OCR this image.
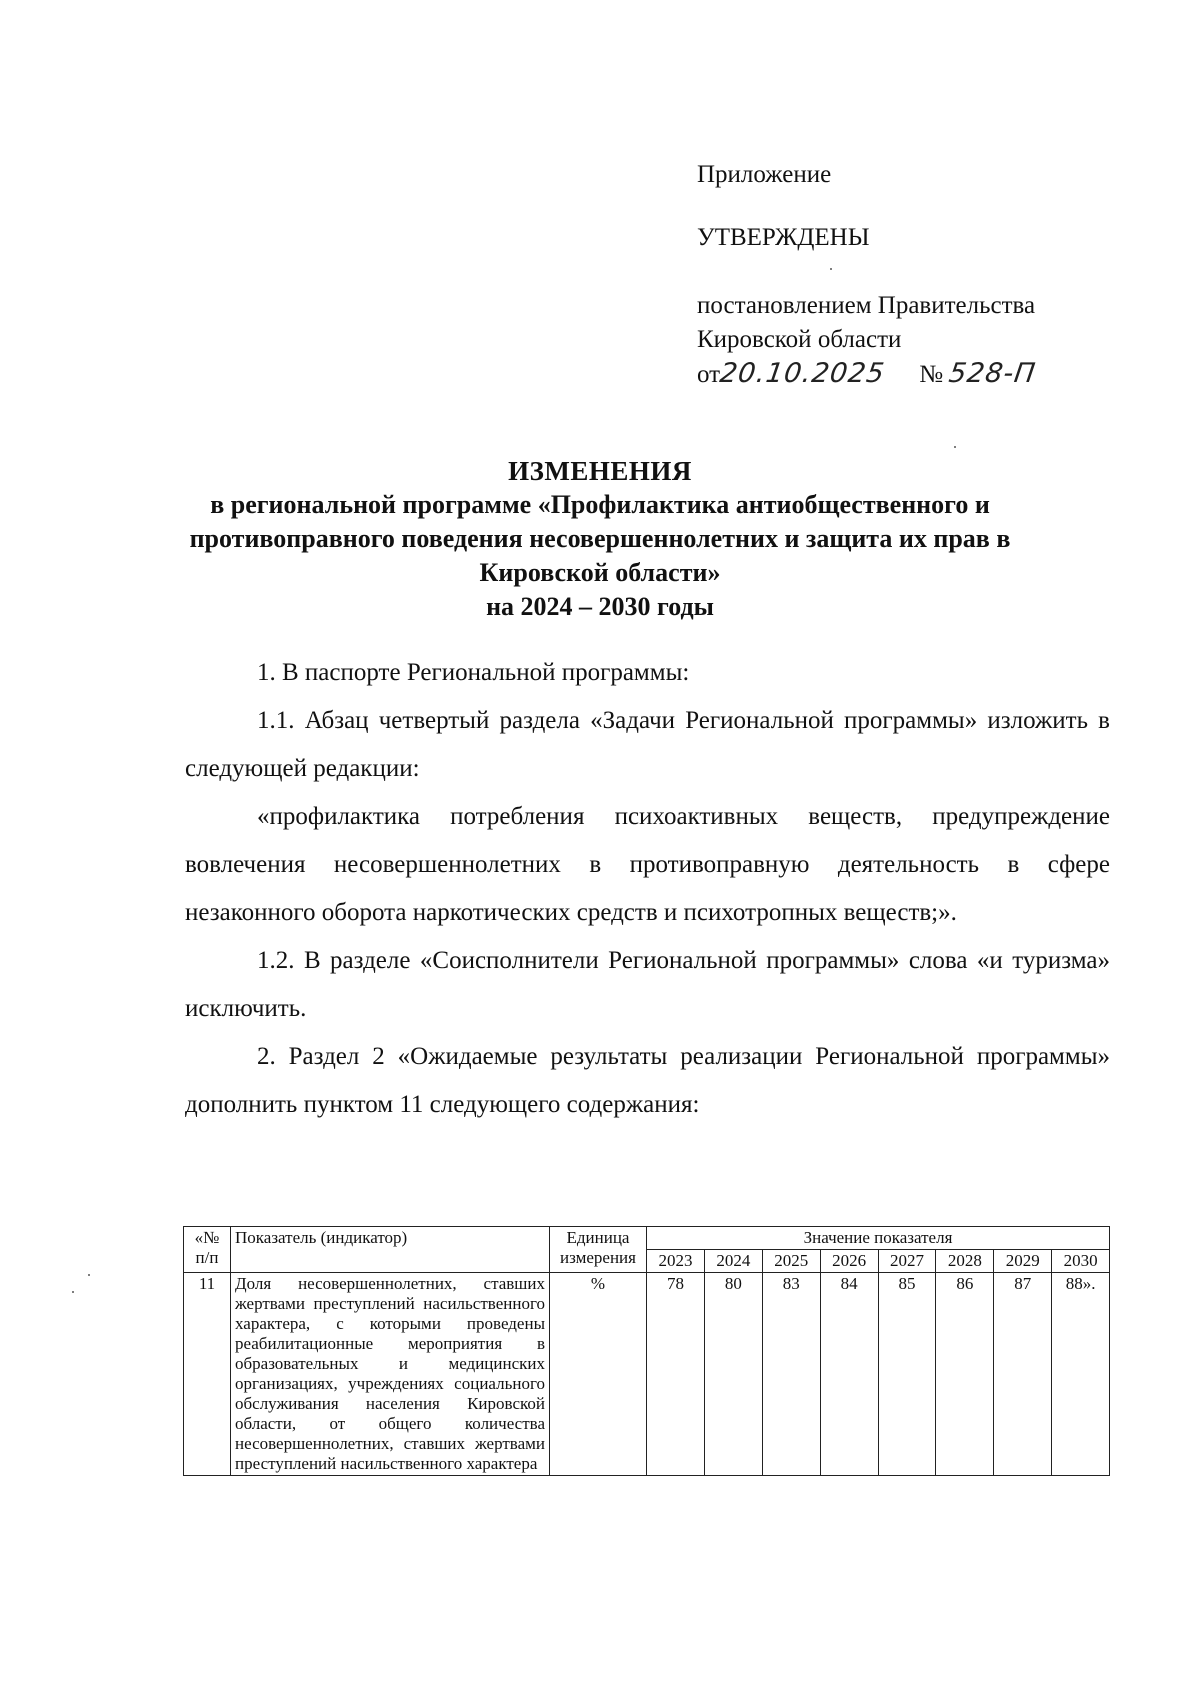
Приложение
УТВЕРЖДЕНЫ
постановлением Правительства
Кировской области
от20.10.2025 № 528-П
ИЗМЕНЕНИЯ
в региональной программе «Профилактика антиобщественного и
противоправного поведения несовершеннолетних и защита их прав в
Кировской области»
на 2024 – 2030 годы

1. В паспорте Региональной программы:

1.1. Абзац четвертый раздела «Задачи Региональной программы» изложить в следующей редакции:

«профилактика потребления психоактивных веществ, предупреждение вовлечения несовершеннолетних в противоправную деятельность в сфере незаконного оборота наркотических средств и психотропных веществ;».

1.2. В разделе «Соисполнители Региональной программы» слова «и туризма» исключить.

2. Раздел 2 «Ожидаемые результаты реализации Региональной программы» дополнить пунктом 11 следующего содержания:

«№ п/п	Показатель (индикатор)	Единица измерения	Значение показателя							
			2023	2024	2025	2026	2027	2028	2029	2030
11	Доля несовершеннолетних, ставших жертвами преступлений насильственного характера, с которыми проведены реабилитационные мероприятия в образовательных и медицинских организациях, учреждениях социального обслуживания населения Кировской области, от общего количества несовершеннолетних, ставших жертвами преступлений насильственного характера	%	78	80	83	84	85	86	87	88».
